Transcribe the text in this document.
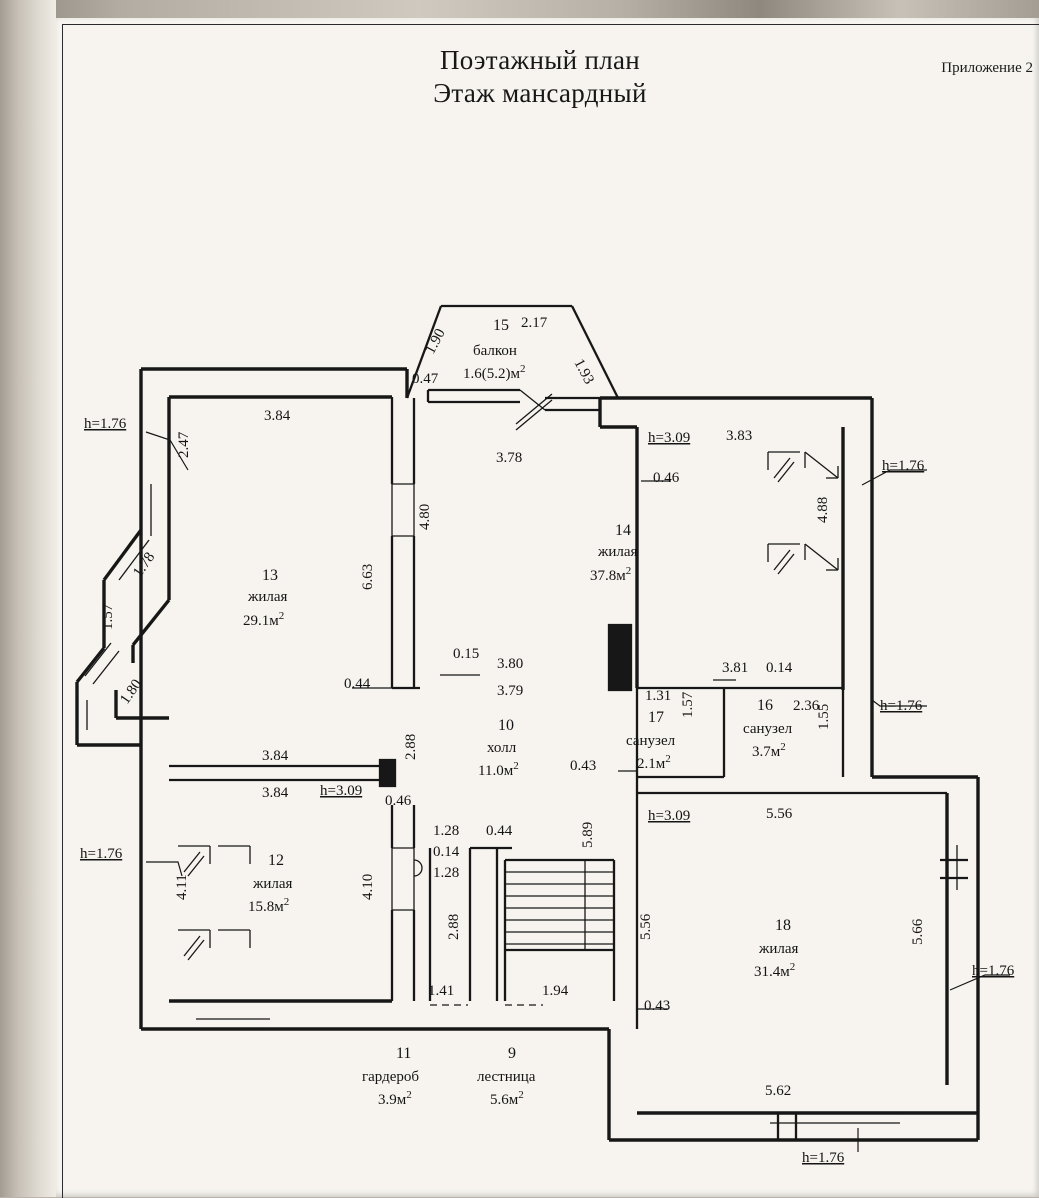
Поэтажный план
Этаж мансардный
Приложение 2
15
балкон
$1.6(5.2)м^2$
2.17
1.90
1.93
0.47
3.78
13
жилая
$29.1м^2$
3.84
2.47
1.78
1.57
1.80
6.63
4.80
0.44
0.15
3.84
3.84
2.88
0.46
14
жилая
$37.8м^2$
3.83
0.46
4.88
3.80
3.79
10
холл
$11.0м^2$
17
санузел
$2.1м^2$
1.31 1.57
0.43
16
санузел
$3.7м^2$
3.81 0.14
2.36
1.55
12
жилая
$15.8м^2$
4.11	4.10
11
гардероб
$3.9м^2$
1.41
2.88
9
лестница
$5.6м^2$
1.28
0.14
1.28
0.44
1.94
5.89
5.56
0.43
18
жилая
$31.4м^2$
5.56
5.66
5.62
h=1.76
h=1.76
h=1.76
h=1.76
h=1.76
h=1.76
h=3.09
h=3.09
h=3.09
